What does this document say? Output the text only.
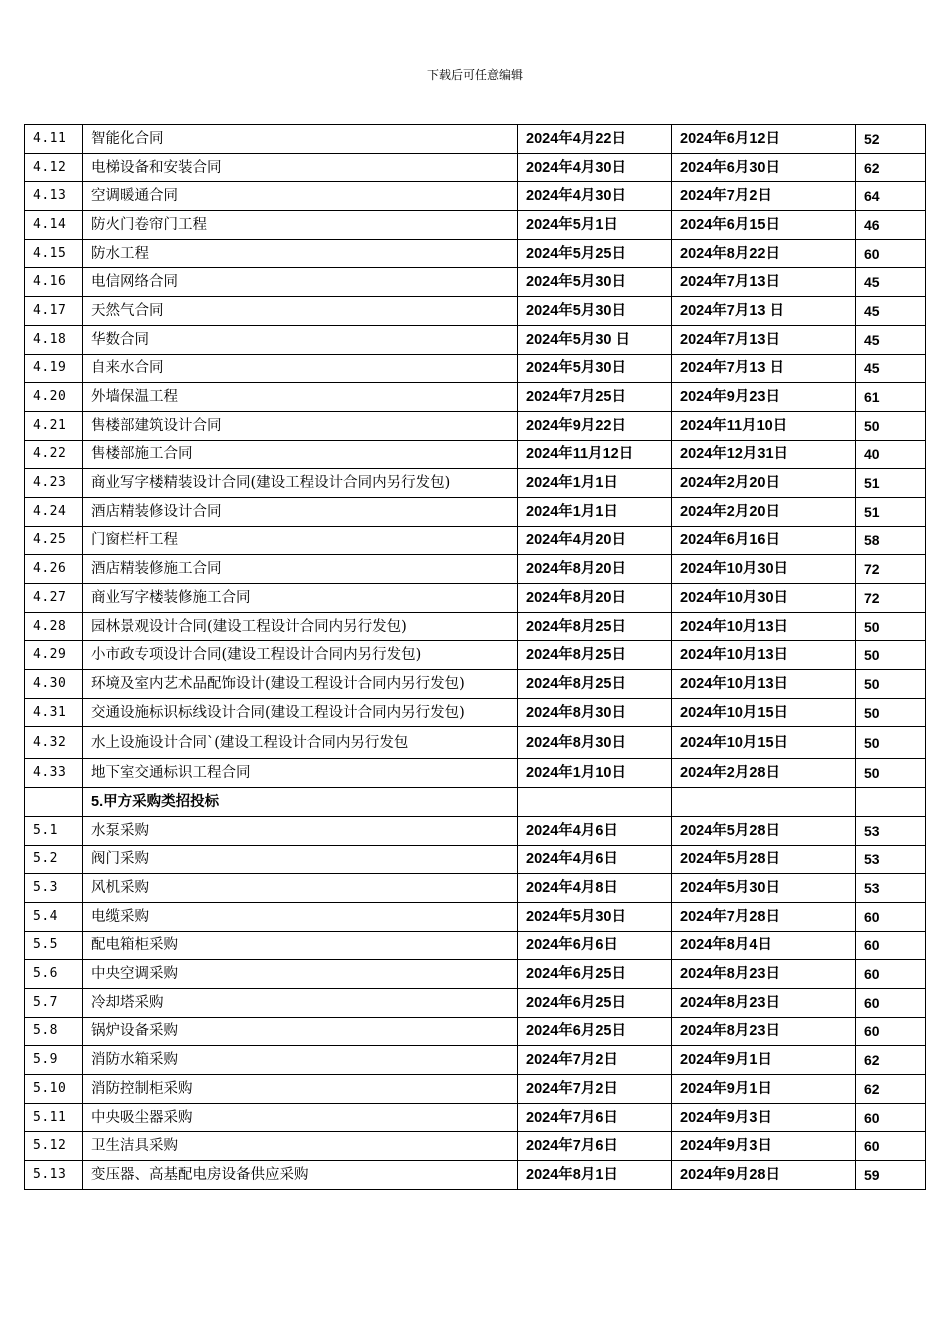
下载后可任意编辑
4.11	智能化合同	2024年4月22日	2024年6月12日	52
4.12	电梯设备和安装合同	2024年4月30日	2024年6月30日	62
4.13	空调暖通合同	2024年4月30日	2024年7月2日	64
4.14	防火门卷帘门工程	2024年5月1日	2024年6月15日	46
4.15	防水工程	2024年5月25日	2024年8月22日	60
4.16	电信网络合同	2024年5月30日	2024年7月13日	45
4.17	天然气合同	2024年5月30日	2024年7月13 日	45
4.18	华数合同	2024年5月30 日	2024年7月13日	45
4.19	自来水合同	2024年5月30日	2024年7月13 日	45
4.20	外墙保温工程	2024年7月25日	2024年9月23日	61
4.21	售楼部建筑设计合同	2024年9月22日	2024年11月10日	50
4.22	售楼部施工合同	2024年11月12日	2024年12月31日	40
4.23	商业写字楼精装设计合同(建设工程设计合同内另行发包)	2024年1月1日	2024年2月20日	51
4.24	酒店精装修设计合同	2024年1月1日	2024年2月20日	51
4.25	门窗栏杆工程	2024年4月20日	2024年6月16日	58
4.26	酒店精装修施工合同	2024年8月20日	2024年10月30日	72
4.27	商业写字楼装修施工合同	2024年8月20日	2024年10月30日	72
4.28	园林景观设计合同(建设工程设计合同内另行发包)	2024年8月25日	2024年10月13日	50
4.29	小市政专项设计合同(建设工程设计合同内另行发包)	2024年8月25日	2024年10月13日	50
4.30	环境及室内艺术品配饰设计(建设工程设计合同内另行发包)	2024年8月25日	2024年10月13日	50
4.31	交通设施标识标线设计合同(建设工程设计合同内另行发包)	2024年8月30日	2024年10月15日	50
4.32	水上设施设计合同`(建设工程设计合同内另行发包	2024年8月30日	2024年10月15日	50
4.33	地下室交通标识工程合同	2024年1月10日	2024年2月28日	50
	5.甲方采购类招投标			
5.1	水泵采购	2024年4月6日	2024年5月28日	53
5.2	阀门采购	2024年4月6日	2024年5月28日	53
5.3	风机采购	2024年4月8日	2024年5月30日	53
5.4	电缆采购	2024年5月30日	2024年7月28日	60
5.5	配电箱柜采购	2024年6月6日	2024年8月4日	60
5.6	中央空调采购	2024年6月25日	2024年8月23日	60
5.7	冷却塔采购	2024年6月25日	2024年8月23日	60
5.8	锅炉设备采购	2024年6月25日	2024年8月23日	60
5.9	消防水箱采购	2024年7月2日	2024年9月1日	62
5.10	消防控制柜采购	2024年7月2日	2024年9月1日	62
5.11	中央吸尘器采购	2024年7月6日	2024年9月3日	60
5.12	卫生洁具采购	2024年7月6日	2024年9月3日	60
5.13	变压器、高基配电房设备供应采购	2024年8月1日	2024年9月28日	59
